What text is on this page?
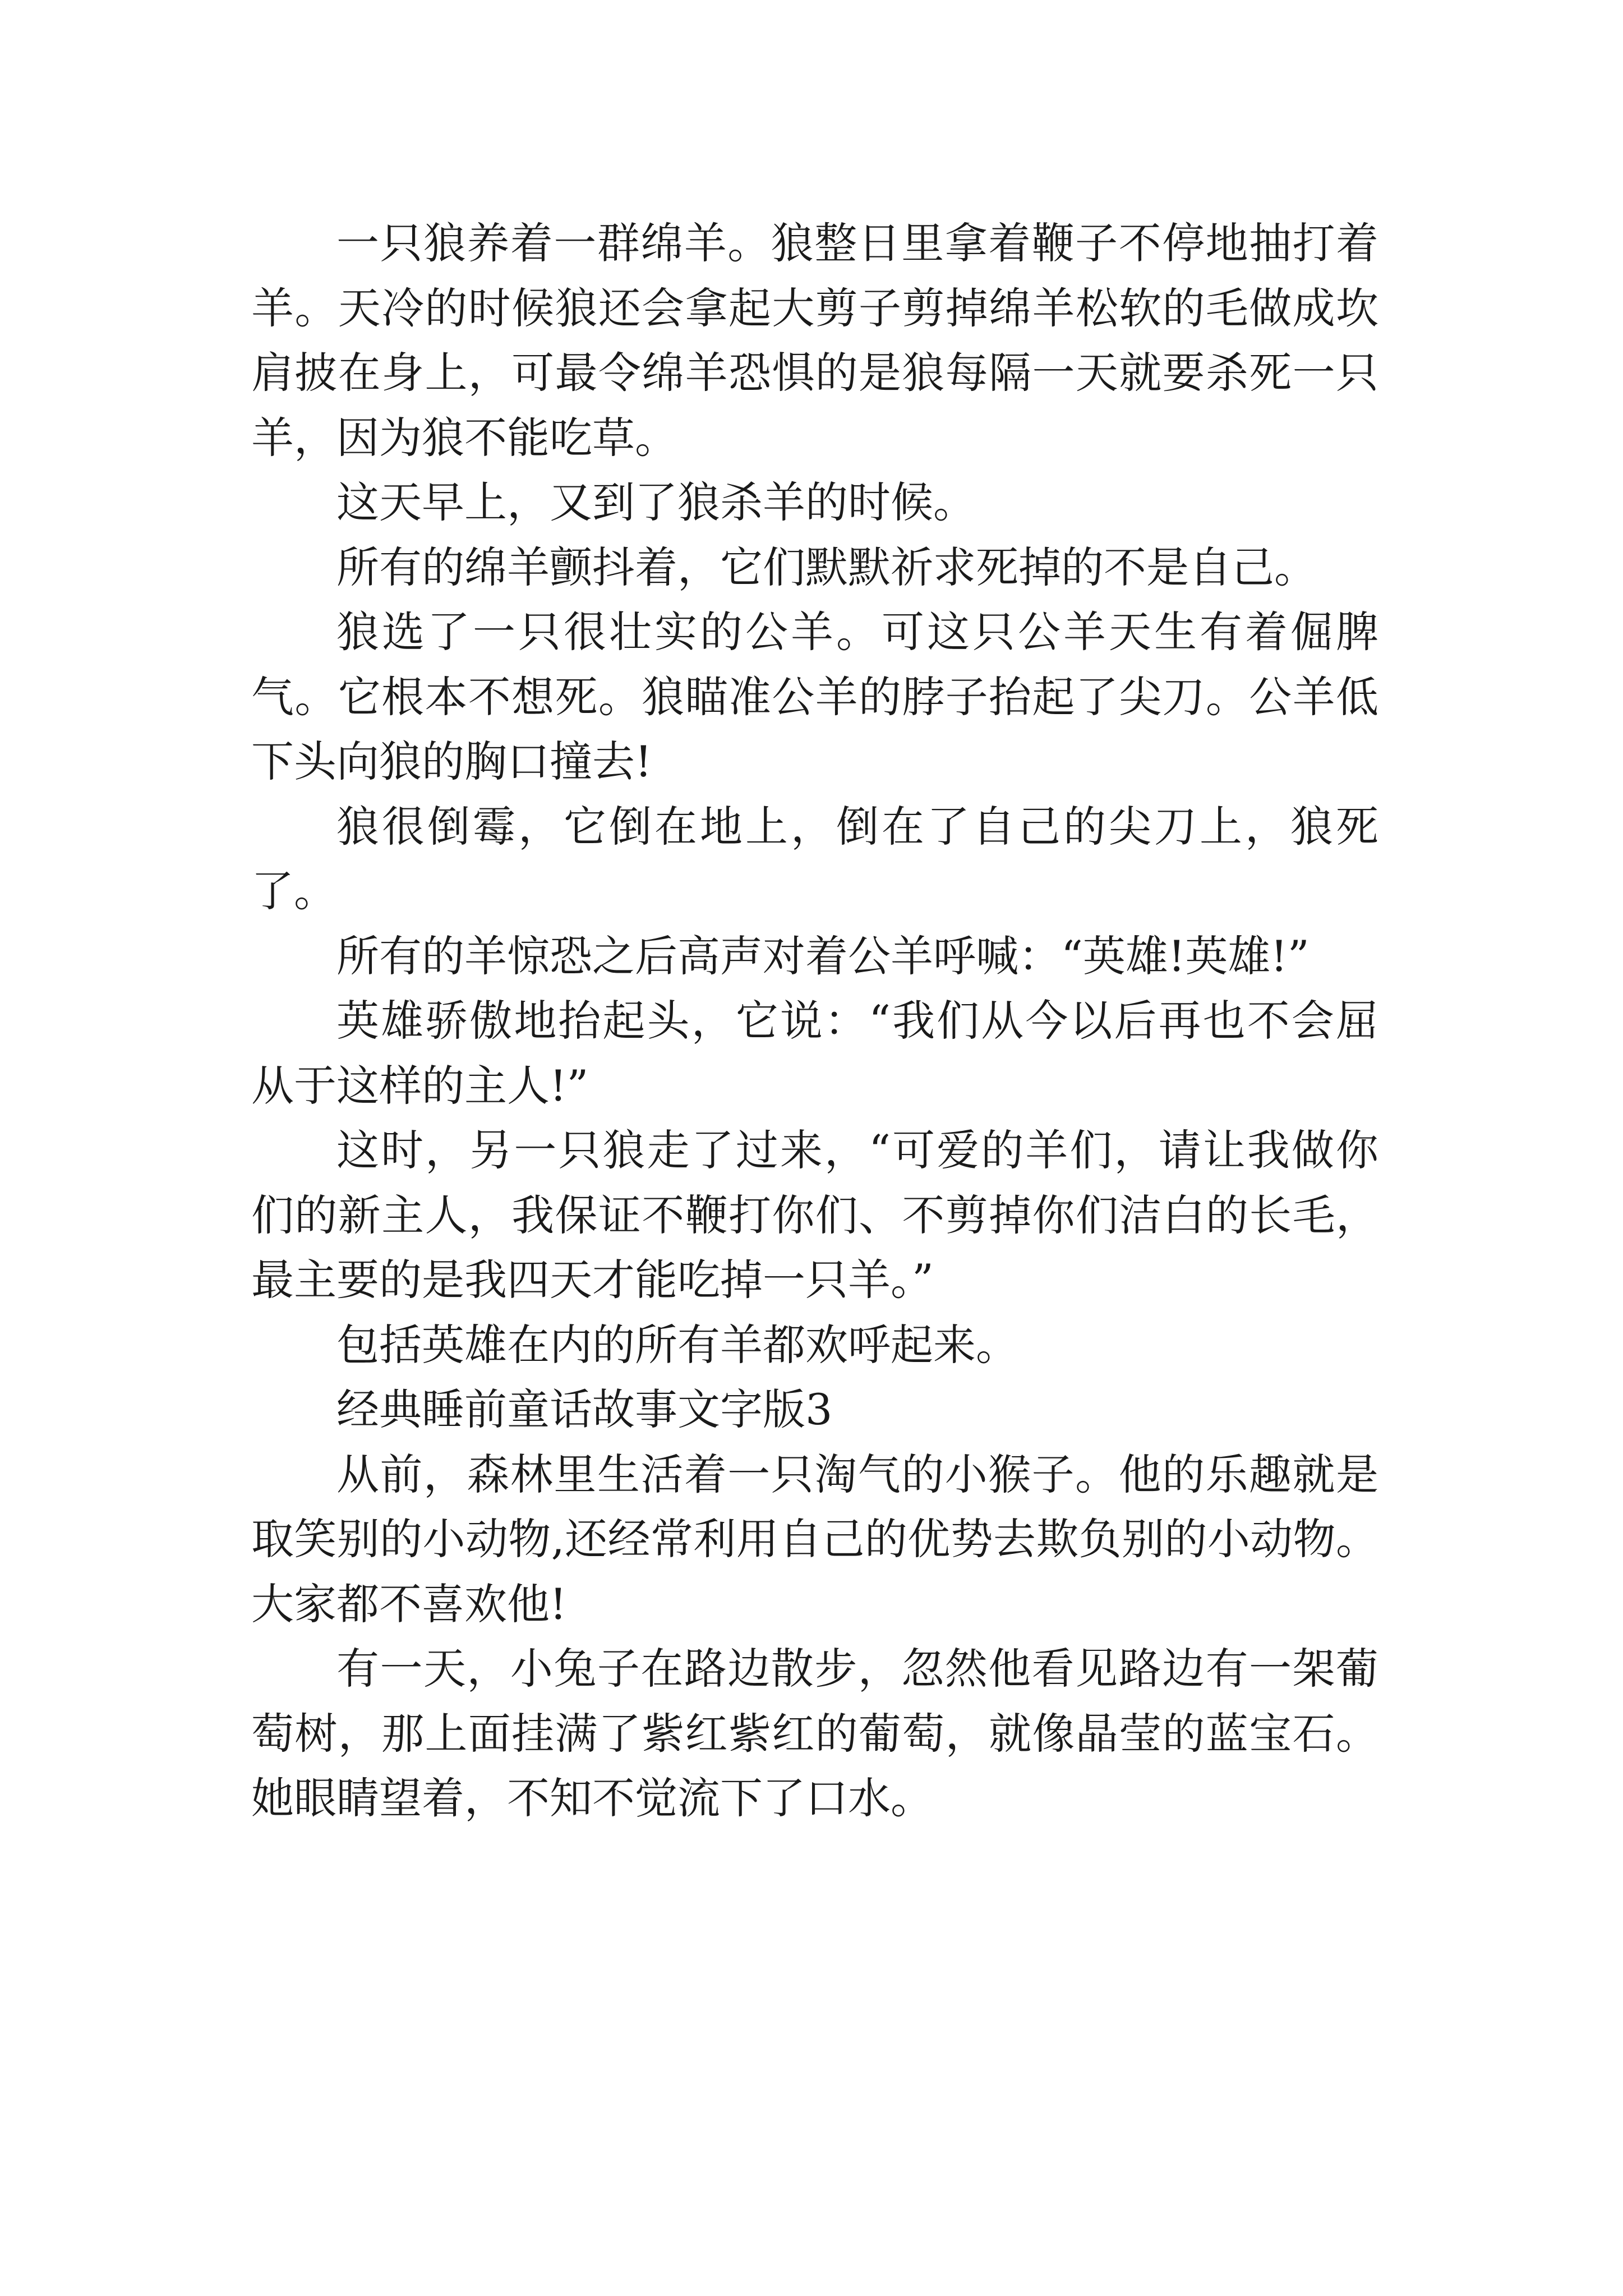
一只狼养着一群绵羊。狼整日里拿着鞭子不停地抽打着羊。天冷的时候狼还会拿起大剪子剪掉绵羊松软的毛做成坎肩披在身上，可最令绵羊恐惧的是狼每隔一天就要杀死一只羊，因为狼不能吃草。

这天早上，又到了狼杀羊的时候。

所有的绵羊颤抖着，它们默默祈求死掉的不是自己。

狼选了一只很壮实的公羊。可这只公羊天生有着倔脾气。它根本不想死。狼瞄准公羊的脖子抬起了尖刀。公羊低下头向狼的胸口撞去!

狼很倒霉，它倒在地上，倒在了自己的尖刀上，狼死了。

所有的羊惊恐之后高声对着公羊呼喊：“英雄!英雄!”

英雄骄傲地抬起头，它说：“我们从今以后再也不会屈从于这样的主人!”

这时，另一只狼走了过来，“可爱的羊们，请让我做你们的新主人，我保证不鞭打你们、不剪掉你们洁白的长毛，最主要的是我四天才能吃掉一只羊。”

包括英雄在内的所有羊都欢呼起来。

经典睡前童话故事文字版3

从前，森林里生活着一只淘气的小猴子。他的乐趣就是取笑别的小动物,还经常利用自己的优势去欺负别的小动物。大家都不喜欢他!

有一天，小兔子在路边散步，忽然他看见路边有一架葡萄树，那上面挂满了紫红紫红的葡萄，就像晶莹的蓝宝石。她眼睛望着，不知不觉流下了口水。
